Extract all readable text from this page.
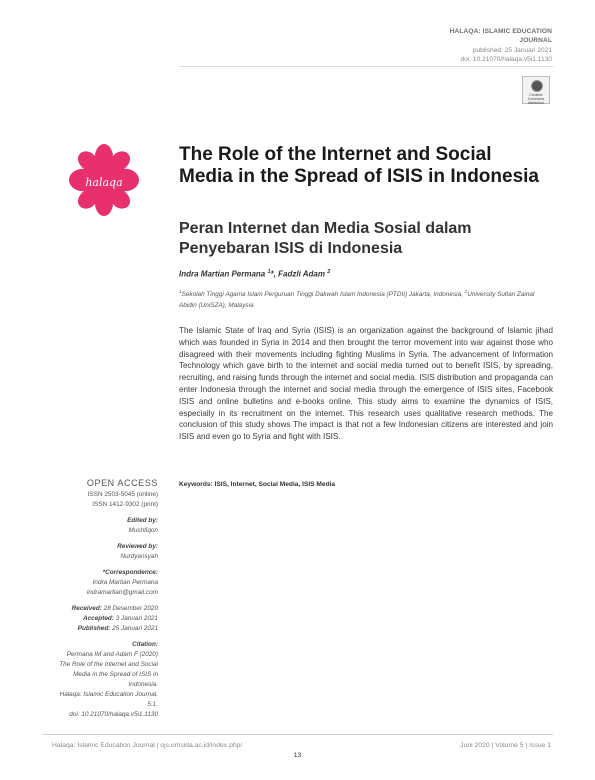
HALAQA: ISLAMIC EDUCATION
JOURNAL
published: 25 Januari 2021
doi: 10.21070/halaqa.v5i1.1130
Creative Commons Attribution
halaqa
The Role of the Internet and Social Media in the Spread of ISIS in Indonesia
Peran Internet dan Media Sosial dalam Penyebaran ISIS di Indonesia
Indra Martian Permana $^1$*, Fadzli Adam $^2$
$^1$Sekolah Tinggi Agama Islam Perguruan Tinggi Dakwah Islam Indonesia (PTDII) Jakarta, Indonesia, $^2$University Sultan Zainal Abidin (UniSZA), Malaysia

The Islamic State of Iraq and Syria (ISIS) is an organization against the background of Islamic jihad which was founded in Syria in 2014 and then brought the terror movement into war against those who disagreed with their movements including fighting Muslims in Syria. The advancement of Information Technology which gave birth to the internet and social media turned out to benefit ISIS, by spreading, recruiting, and raising funds through the internet and social media. ISIS distribution and propaganda can enter Indonesia through the internet and social media through the emergence of ISIS sites, Facebook ISIS and online bulletins and e-books online. This study aims to examine the dynamics of ISIS, especially in its recruitment on the internet. This research uses qualitative research methods. The conclusion of this study shows The impact is that not a few Indonesian citizens are interested and join ISIS and even go to Syria and fight with ISIS.

Keywords: ISIS, Internet, Social Media, ISIS Media
OPEN ACCESS
ISSN 2503-5045 (online)
ISSN 1412-9302 (print)
Edited by:
Mushfiqon
Reviewed by:
Nurdyansyah
*Correspondence:
Indra Martian Permana
indramartian@gmail.com
Received: 28 Desember 2020
Accepted: 3 Januari 2021
Published: 25 Januari 2021
Citation:
Permana IM and Adam F (2020)
The Role of the Internet and Social
Media in the Spread of ISIS in
Indonesia.
Halaqa: Islamic Education Journal.
5:1.
doi: 10.21070/halaqa.v5i1.1130
Halaqa: Islamic Education Journal | ojs.umsida.ac.id/index.php/	Juni 2020 | Volume 5 | Issue 1
13
